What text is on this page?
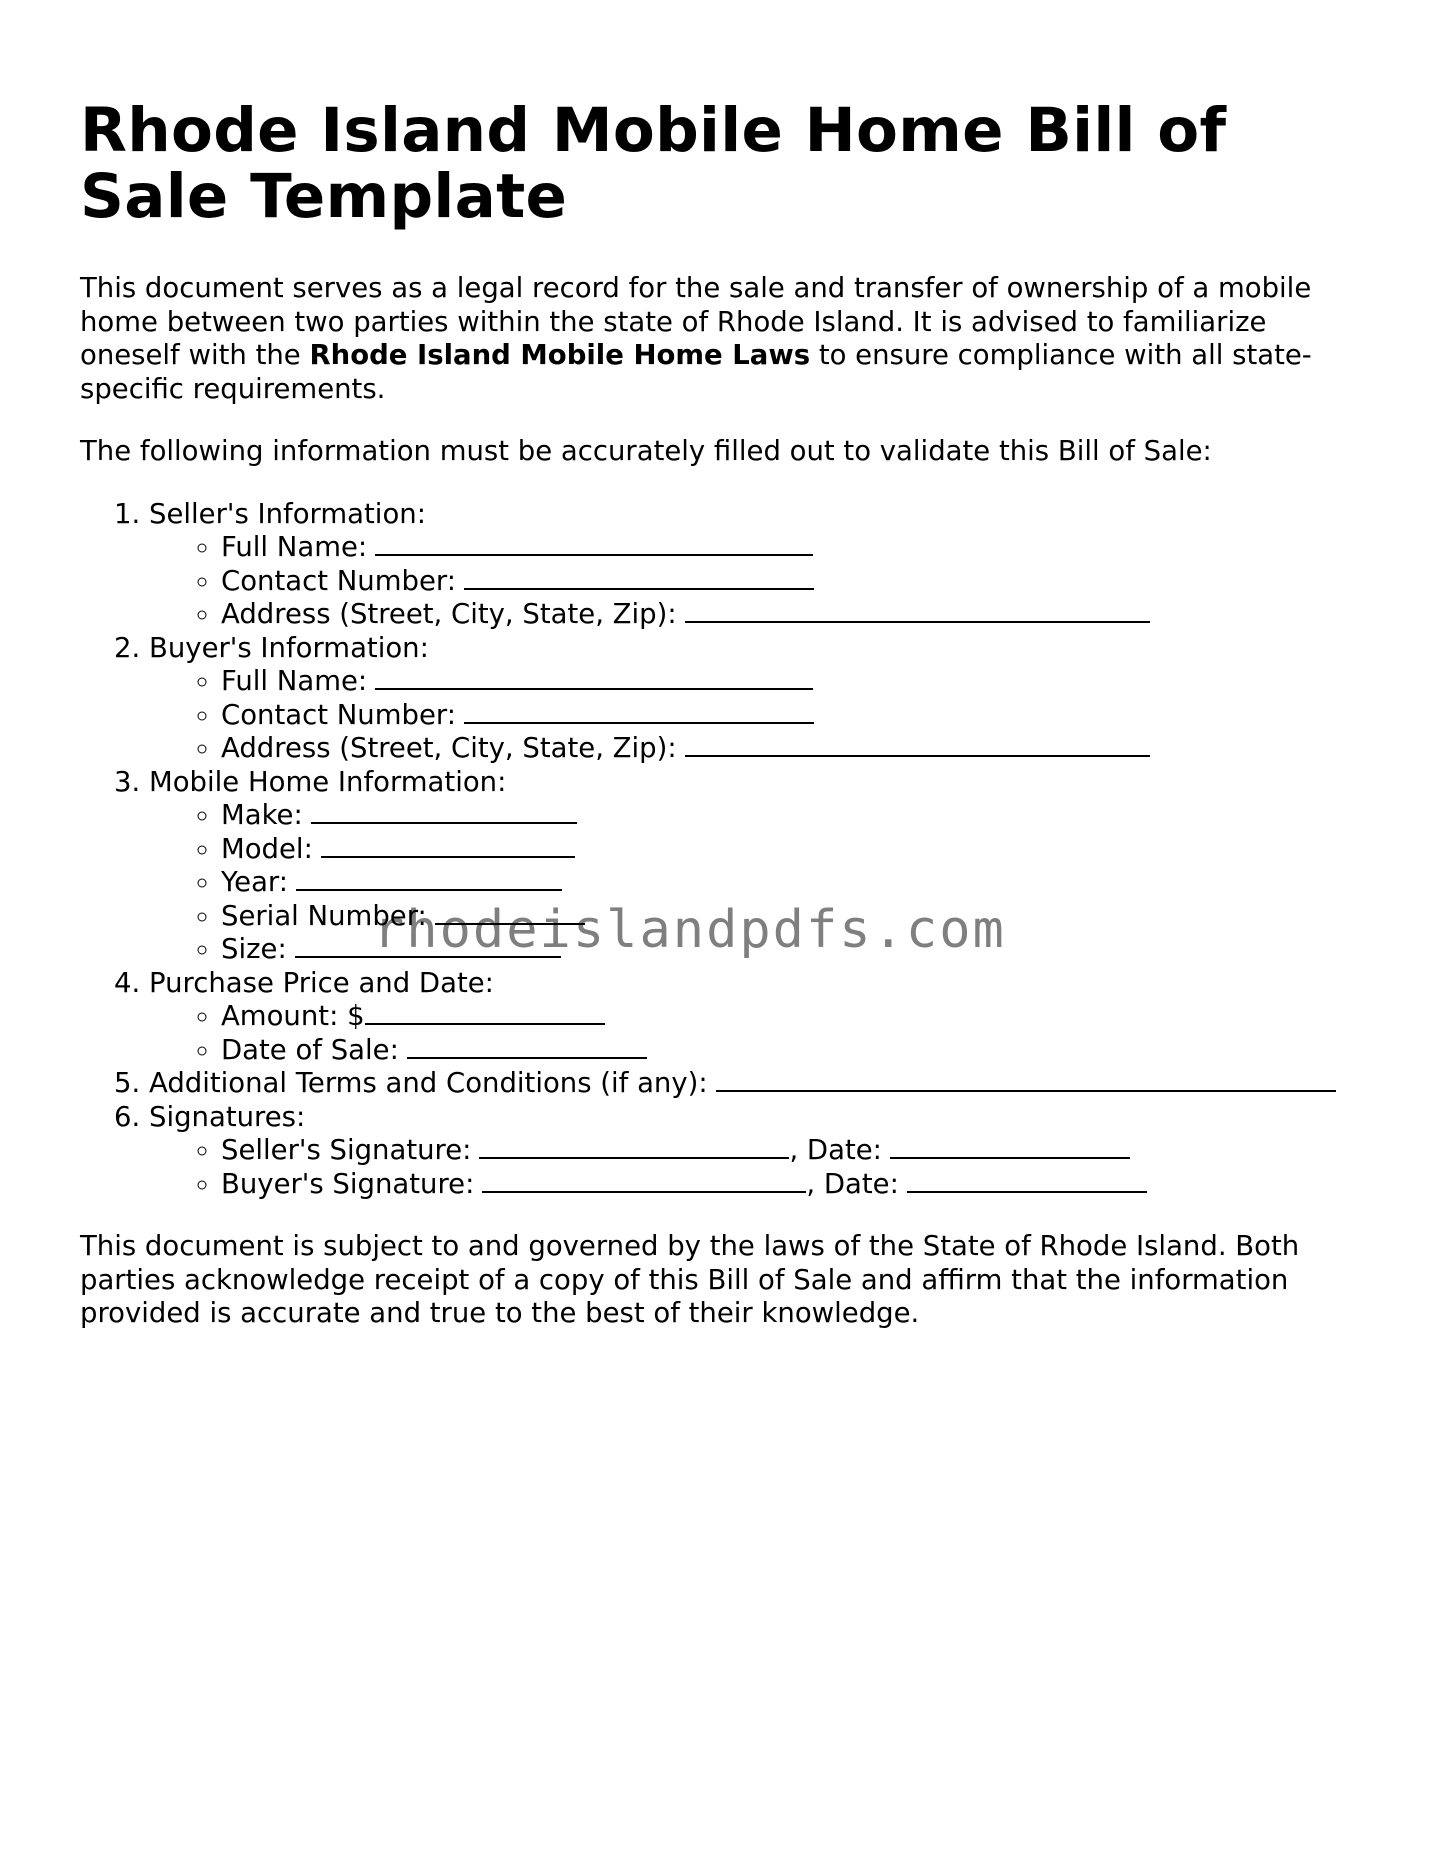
Rhode Island Mobile Home Bill of Sale Template

This document serves as a legal record for the sale and transfer of ownership of a mobile home between two parties within the state of Rhode Island. It is advised to familiarize oneself with the Rhode Island Mobile Home Laws to ensure compliance with all state-specific requirements.

The following information must be accurately filled out to validate this Bill of Sale:

1. Seller's Information:
◦ Full Name:
◦ Contact Number:
◦ Address (Street, City, State, Zip):
2. Buyer's Information:
◦ Full Name:
◦ Contact Number:
◦ Address (Street, City, State, Zip):
3. Mobile Home Information:
◦ Make:
◦ Model:
◦ Year:
◦ Serial Number:
◦ Size:
4. Purchase Price and Date:
◦ Amount: $
◦ Date of Sale:
5. Additional Terms and Conditions (if any):
6. Signatures:
◦ Seller's Signature:	, Date:
◦ Buyer's Signature:	, Date:

This document is subject to and governed by the laws of the State of Rhode Island. Both parties acknowledge receipt of a copy of this Bill of Sale and affirm that the information provided is accurate and true to the best of their knowledge.

rhodeislandpdfs.com
